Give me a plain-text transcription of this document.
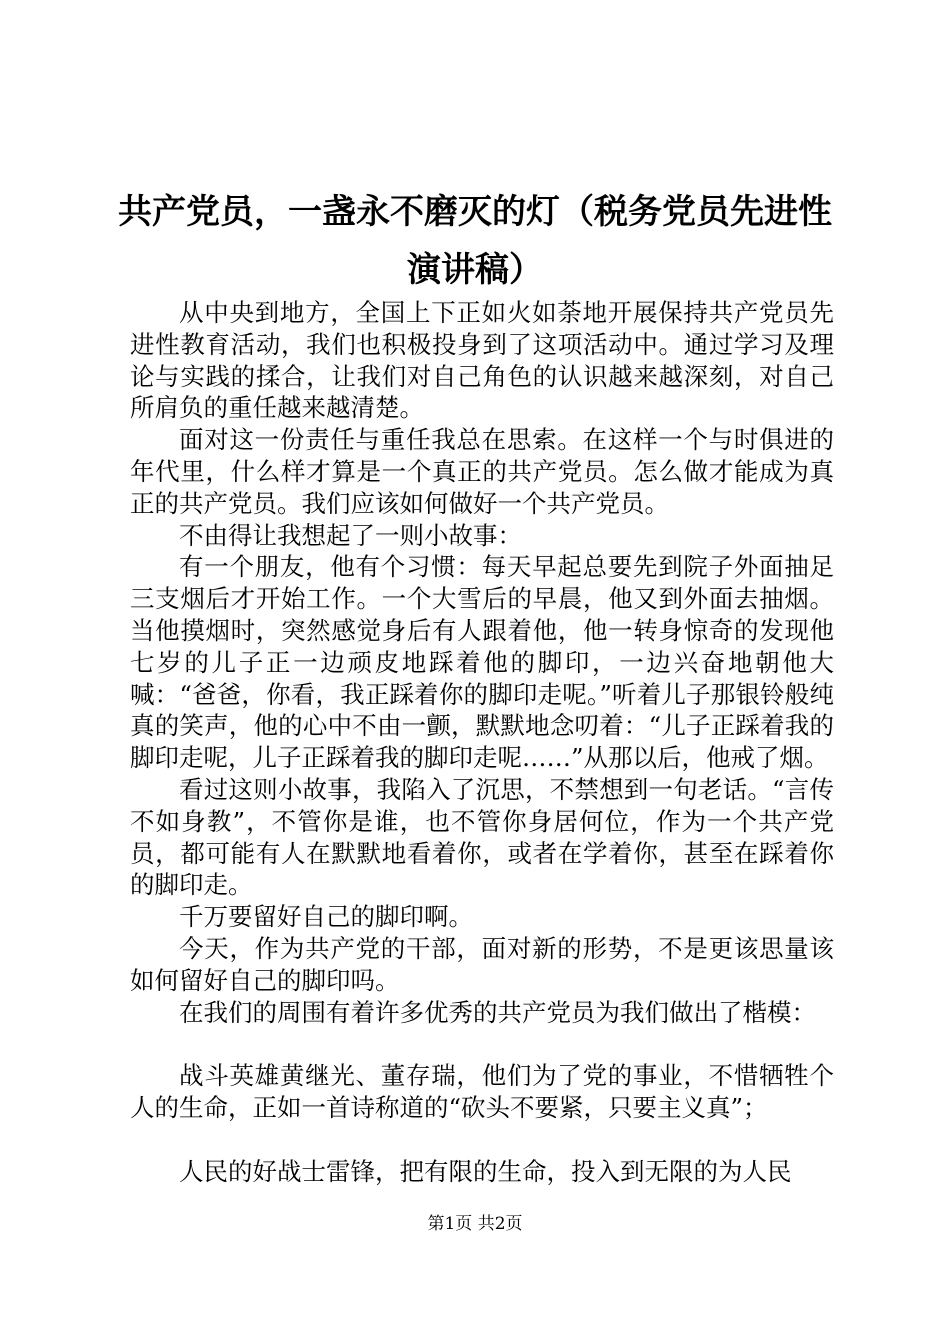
共产党员，一盏永不磨灭的灯（税务党员先进性演讲稿）

从中央到地方，全国上下正如火如荼地开展保持共产党员先进性教育活动，我们也积极投身到了这项活动中。通过学习及理论与实践的揉合，让我们对自己角色的认识越来越深刻，对自己所肩负的重任越来越清楚。

面对这一份责任与重任我总在思索。在这样一个与时俱进的年代里，什么样才算是一个真正的共产党员。怎么做才能成为真正的共产党员。我们应该如何做好一个共产党员。

不由得让我想起了一则小故事：

有一个朋友，他有个习惯：每天早起总要先到院子外面抽足三支烟后才开始工作。一个大雪后的早晨，他又到外面去抽烟。当他摸烟时，突然感觉身后有人跟着他，他一转身惊奇的发现他七岁的儿子正一边顽皮地踩着他的脚印，一边兴奋地朝他大喊：“爸爸，你看，我正踩着你的脚印走呢。”听着儿子那银铃般纯真的笑声，他的心中不由一颤，默默地念叨着：“儿子正踩着我的脚印走呢，儿子正踩着我的脚印走呢……”从那以后，他戒了烟。

看过这则小故事，我陷入了沉思，不禁想到一句老话。“言传不如身教”，不管你是谁，也不管你身居何位，作为一个共产党员，都可能有人在默默地看着你，或者在学着你，甚至在踩着你的脚印走。

千万要留好自己的脚印啊。

今天，作为共产党的干部，面对新的形势，不是更该思量该如何留好自己的脚印吗。

在我们的周围有着许多优秀的共产党员为我们做出了楷模：

战斗英雄黄继光、董存瑞，他们为了党的事业，不惜牺牲个人的生命，正如一首诗称道的“砍头不要紧，只要主义真”；

人民的好战士雷锋，把有限的生命，投入到无限的为人民

第1页 共2页
